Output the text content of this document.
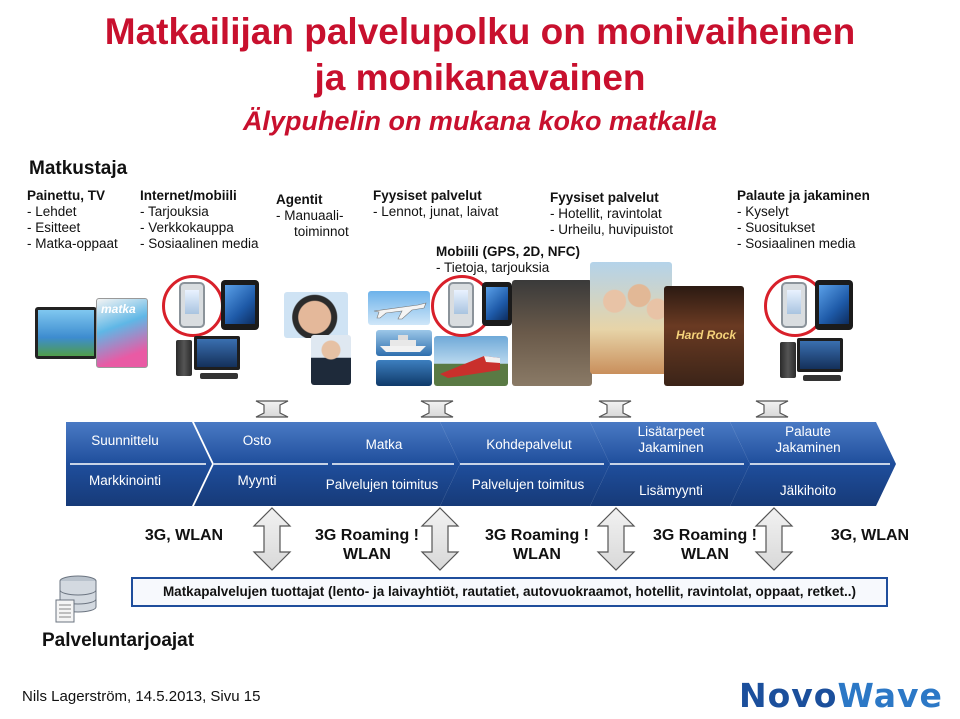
Matkailijan palvelupolku on monivaiheinen
ja monikanavainen
Älypuhelin on mukana koko matkalla
Matkustaja
Painettu, TV
- Lehdet
- Esitteet
- Matka-oppaat
Internet/mobiili
- Tarjouksia
- Verkkokauppa
- Sosiaalinen media
Agentit
- Manuaali-
toiminnot
Fyysiset palvelut
- Lennot, junat, laivat
Mobiili (GPS, 2D, NFC)
- Tietoja, tarjouksia
Fyysiset palvelut
- Hotellit, ravintolat
- Urheilu, huvipuistot
Palaute ja jakaminen
- Kyselyt
- Suositukset
- Sosiaalinen media
matka
Hard Rock
Suunnittelu
Markkinointi
Osto
Myynti
Matka
Palvelujen toimitus
Kohdepalvelut
Palvelujen toimitus
Lisätarpeet Jakaminen
Lisämyynti
Palaute Jakaminen
Jälkihoito
3G, WLAN	3G Roaming !
WLAN
3G Roaming !
WLAN
3G Roaming !
WLAN
3G, WLAN
Matkapalvelujen tuottajat (lento- ja laivayhtiöt, rautatiet, autovuokraamot, hotellit, ravintolat, oppaat, retket..)
Palveluntarjoajat
Nils Lagerström, 14.5.2013, Sivu 15	NovoWave
